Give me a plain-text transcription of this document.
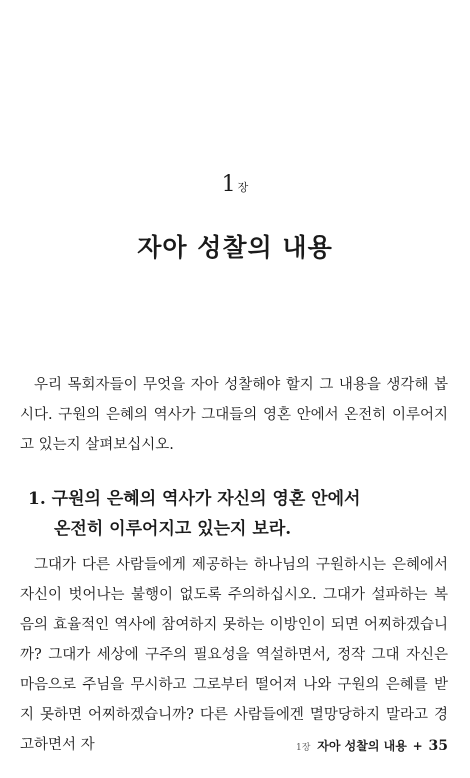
1 장
자아 성찰의 내용

우리 목회자들이 무엇을 자아 성찰해야 할지 그 내용을 생각해 봅시다. 구원의 은혜의 역사가 그대들의 영혼 안에서 온전히 이루어지고 있는지 살펴보십시오.

1. 구원의 은혜의 역사가 자신의 영혼 안에서
온전히 이루어지고 있는지 보라.

그대가 다른 사람들에게 제공하는 하나님의 구원하시는 은혜에서 자신이 벗어나는 불행이 없도록 주의하십시오. 그대가 설파하는 복음의 효율적인 역사에 참여하지 못하는 이방인이 되면 어찌하겠습니까? 그대가 세상에 구주의 필요성을 역설하면서, 정작 그대 자신은 마음으로 주님을 무시하고 그로부터 떨어져 나와 구원의 은혜를 받지 못하면 어찌하겠습니까? 다른 사람들에겐 멸망당하지 말라고 경고하면서 자	1장 자아 성찰의 내용 + 35
